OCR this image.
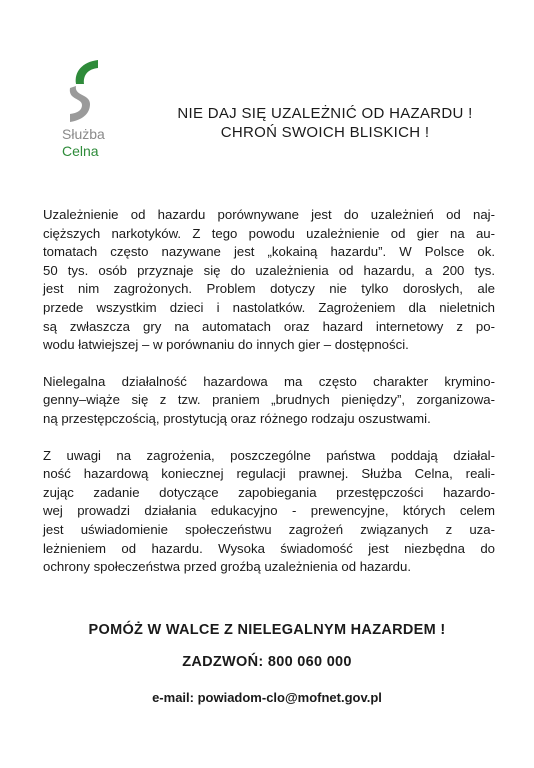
Służba
Celna
NIE DAJ SIĘ UZALEŻNIĆ OD HAZARDU !
CHROŃ SWOICH BLISKICH !
Uzależnienie od hazardu porównywane jest do uzależnień od naj-
cięższych narkotyków. Z tego powodu uzależnienie od gier na au-
tomatach często nazywane jest „kokainą hazardu”. W Polsce ok.
50 tys. osób przyznaje się do uzależnienia od hazardu, a 200 tys.
jest nim zagrożonych. Problem dotyczy nie tylko dorosłych, ale
przede wszystkim dzieci i nastolatków. Zagrożeniem dla nieletnich
są zwłaszcza gry na automatach oraz hazard internetowy z po-
wodu łatwiejszej – w porównaniu do innych gier – dostępności.
Nielegalna działalność hazardowa ma często charakter krymino-
genny–wiąże się z tzw. praniem „brudnych pieniędzy”, zorganizowa-
ną przestępczością, prostytucją oraz różnego rodzaju oszustwami.
Z uwagi na zagrożenia, poszczególne państwa poddają działal-
ność hazardową koniecznej regulacji prawnej. Służba Celna, reali-
zując zadanie dotyczące zapobiegania przestępczości hazardo-
wej prowadzi działania edukacyjno - prewencyjne, których celem
jest uświadomienie społeczeństwu zagrożeń związanych z uza-
leżnieniem od hazardu. Wysoka świadomość jest niezbędna do
ochrony społeczeństwa przed groźbą uzależnienia od hazardu.
POMÓŻ W WALCE Z NIELEGALNYM HAZARDEM !
ZADZWOŃ: 800 060 000
e-mail: powiadom-clo@mofnet.gov.pl
